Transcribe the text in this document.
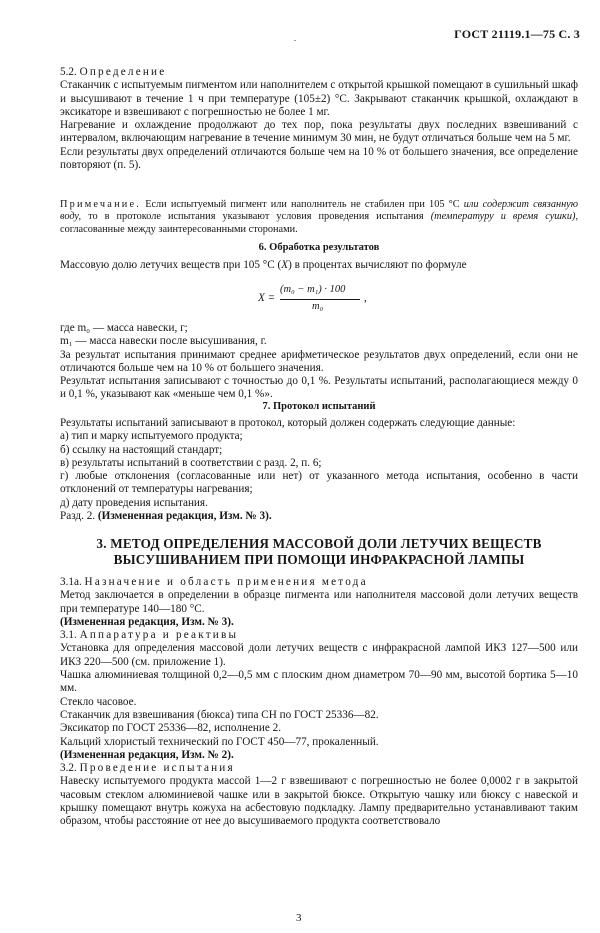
ГОСТ 21119.1—75 С. 3

5.2. Определение

Стаканчик с испытуемым пигментом или наполнителем с открытой крышкой помещают в сушильный шкаф и высушивают в течение 1 ч при температуре (105±2) °С. Закрывают стаканчик крышкой, охлаждают в эксикаторе и взвешивают с погрешностью не более 1 мг.

Нагревание и охлаждение продолжают до тех пор, пока результаты двух последних взвешиваний с интервалом, включающим нагревание в течение минимум 30 мин, не будут отличаться больше чем на 5 мг.

Если результаты двух определений отличаются больше чем на 10 % от большего значения, все определение повторяют (п. 5).

Примечание. Если испытуемый пигмент или наполнитель не стабилен при 105 °С или содержит связанную воду, то в протоколе испытания указывают условия проведения испытания (температуру и время сушки), согласованные между заинтересованными сторонами.

6. Обработка результатов

Массовую долю летучих веществ при 105 °С (X) в процентах вычисляют по формуле

X =
(m₀ − m₁) · 100
m₀
,

где m₀ — масса навески, г;

m₁ — масса навески после высушивания, г.

За результат испытания принимают среднее арифметическое результатов двух определений, если они не отличаются больше чем на 10 % от большего значения.

Результат испытания записывают с точностью до 0,1 %. Результаты испытаний, располагающиеся между 0 и 0,1 %, указывают как «меньше чем 0,1 %».

7. Протокол испытаний

Результаты испытаний записывают в протокол, который должен содержать следующие данные:

а) тип и марку испытуемого продукта;

б) ссылку на настоящий стандарт;

в) результаты испытаний в соответствии с разд. 2, п. 6;

г) любые отклонения (согласованные или нет) от указанного метода испытания, особенно в части отклонений от температуры нагревания;

д) дату проведения испытания.

Разд. 2. (Измененная редакция, Изм. № 3).

3. МЕТОД ОПРЕДЕЛЕНИЯ МАССОВОЙ ДОЛИ ЛЕТУЧИХ ВЕЩЕСТВ
ВЫСУШИВАНИЕМ ПРИ ПОМОЩИ ИНФРАКРАСНОЙ ЛАМПЫ

3.1а. Назначение и область применения метода

Метод заключается в определении в образце пигмента или наполнителя массовой доли летучих веществ при температуре 140—180 °С.

(Измененная редакция, Изм. № 3).

3.1. Аппаратура и реактивы

Установка для определения массовой доли летучих веществ с инфракрасной лампой ИКЗ 127—500 или ИКЗ 220—500 (см. приложение 1).

Чашка алюминиевая толщиной 0,2—0,5 мм с плоским дном диаметром 70—90 мм, высотой бортика 5—10 мм.

Стекло часовое.

Стаканчик для взвешивания (бюкса) типа СН по ГОСТ 25336—82.

Эксикатор по ГОСТ 25336—82, исполнение 2.

Кальций хлористый технический по ГОСТ 450—77, прокаленный.

(Измененная редакция, Изм. № 2).

3.2. Проведение испытания

Навеску испытуемого продукта массой 1—2 г взвешивают с погрешностью не более 0,0002 г в закрытой часовым стеклом алюминиевой чашке или в закрытой бюксе. Открытую чашку или бюксу с навеской и крышку помещают внутрь кожуха на асбестовую подкладку. Лампу предварительно устанавливают таким образом, чтобы расстояние от нее до высушиваемого продукта соответствовало

3
